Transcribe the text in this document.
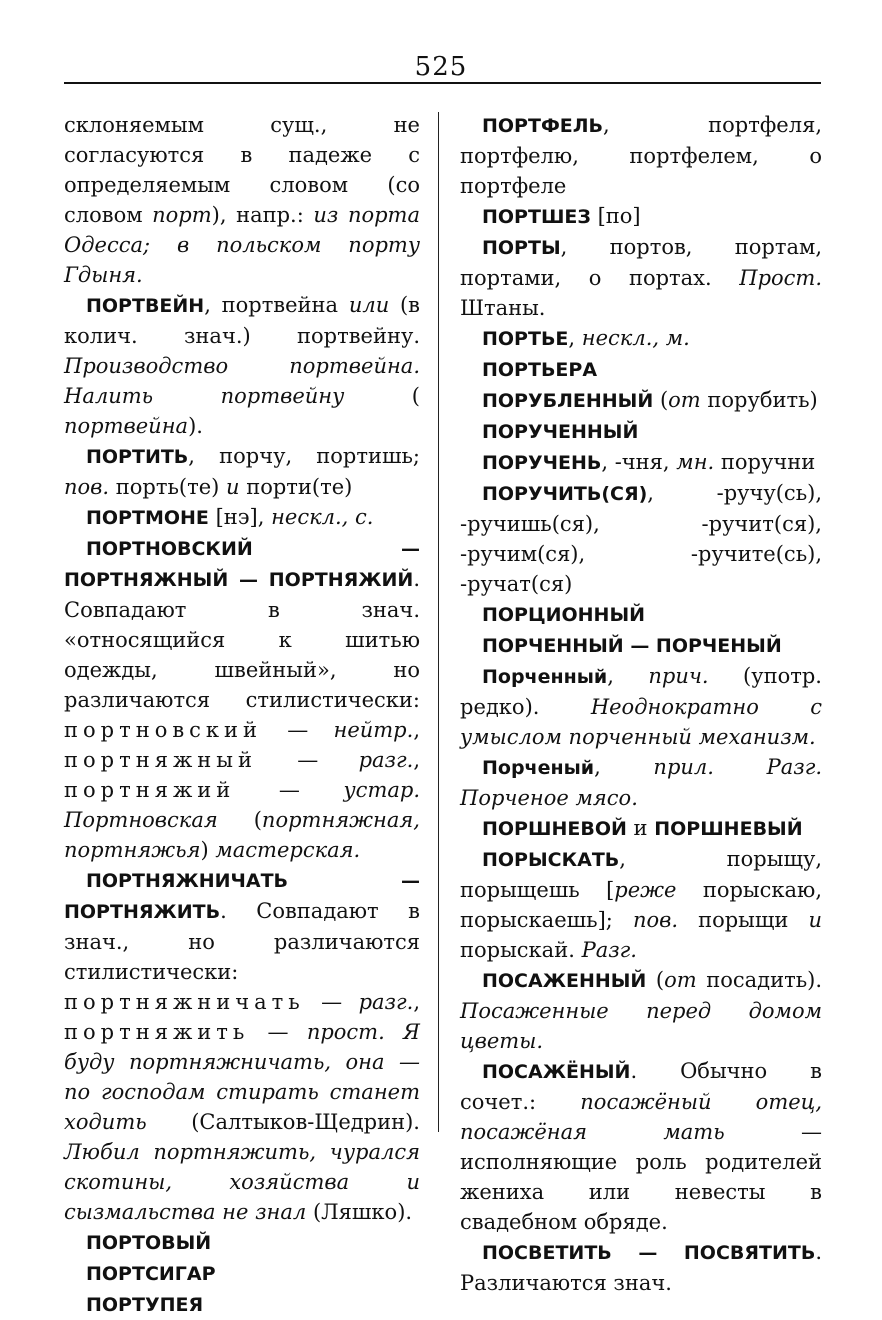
525

склоняемым сущ., не согласуются в падеже с определяемым словом (со словом порт), напр.: из порта Одесса; в польском порту Гдыня.

ПОРТВЕЙН, портвейна или (в колич. знач.) портвейну. Производство портвейна. Налить портвейну ( портвейна).

ПОРТИТЬ, порчу, портишь; пов. порть(те) и порти(те)

ПОРТМОНЕ [нэ], нескл., с.

ПОРТНОВСКИЙ — ПОРТНЯЖНЫЙ — ПОРТНЯЖИЙ. Совпадают в знач. «относящийся к шитью одежды, швейный», но различаются стилистически: портновский — нейтр., портняжный — разг., портняжий — устар. Портновская (портняжная, портняжья) мастерская.

ПОРТНЯЖНИЧАТЬ — ПОРТНЯЖИТЬ. Совпадают в знач., но различаются стилистически: портняжничать — разг., портняжить — прост. Я буду портняжничать, она — по господам стирать станет ходить (Салтыков-Щедрин). Любил портняжить, чурался скотины, хозяйства и сызмальства не знал (Ляшко).

ПОРТОВЫЙ

ПОРТСИГАР

ПОРТУПЕЯ

ПОРТФЕЛЬ, портфеля, портфелю, портфелем, о портфеле

ПОРТШЕЗ [по]

ПОРТЫ, портов, портам, портами, о портах. Прост. Штаны.

ПОРТЬЕ, нескл., м.

ПОРТЬЕРА

ПОРУБЛЕННЫЙ (от порубить)

ПОРУЧЕННЫЙ

ПОРУЧЕНЬ, -чня, мн. поручни

ПОРУЧИТЬ(СЯ), -ручу(сь), -ручишь(ся), -ручит(ся), -ручим(ся), -ручите(сь), -ручат(ся)

ПОРЦИОННЫЙ

ПОРЧЕННЫЙ — ПОРЧЕНЫЙ

Порченный, прич. (употр. редко). Неоднократно с умыслом порченный механизм.

Порченый, прил. Разг. Порченое мясо.

ПОРШНЕВОЙ и ПОРШНЕВЫЙ

ПОРЫСКАТЬ, порыщу, порыщешь [реже порыскаю, порыскаешь]; пов. порыщи и порыскай. Разг.

ПОСАЖЕННЫЙ (от посадить). Посаженные перед домом цветы.

ПОСАЖЁНЫЙ. Обычно в сочет.: посажёный отец, посажёная мать — исполняющие роль родителей жениха или невесты в свадебном обряде.

ПОСВЕТИТЬ — ПОСВЯТИТЬ. Различаются знач.
